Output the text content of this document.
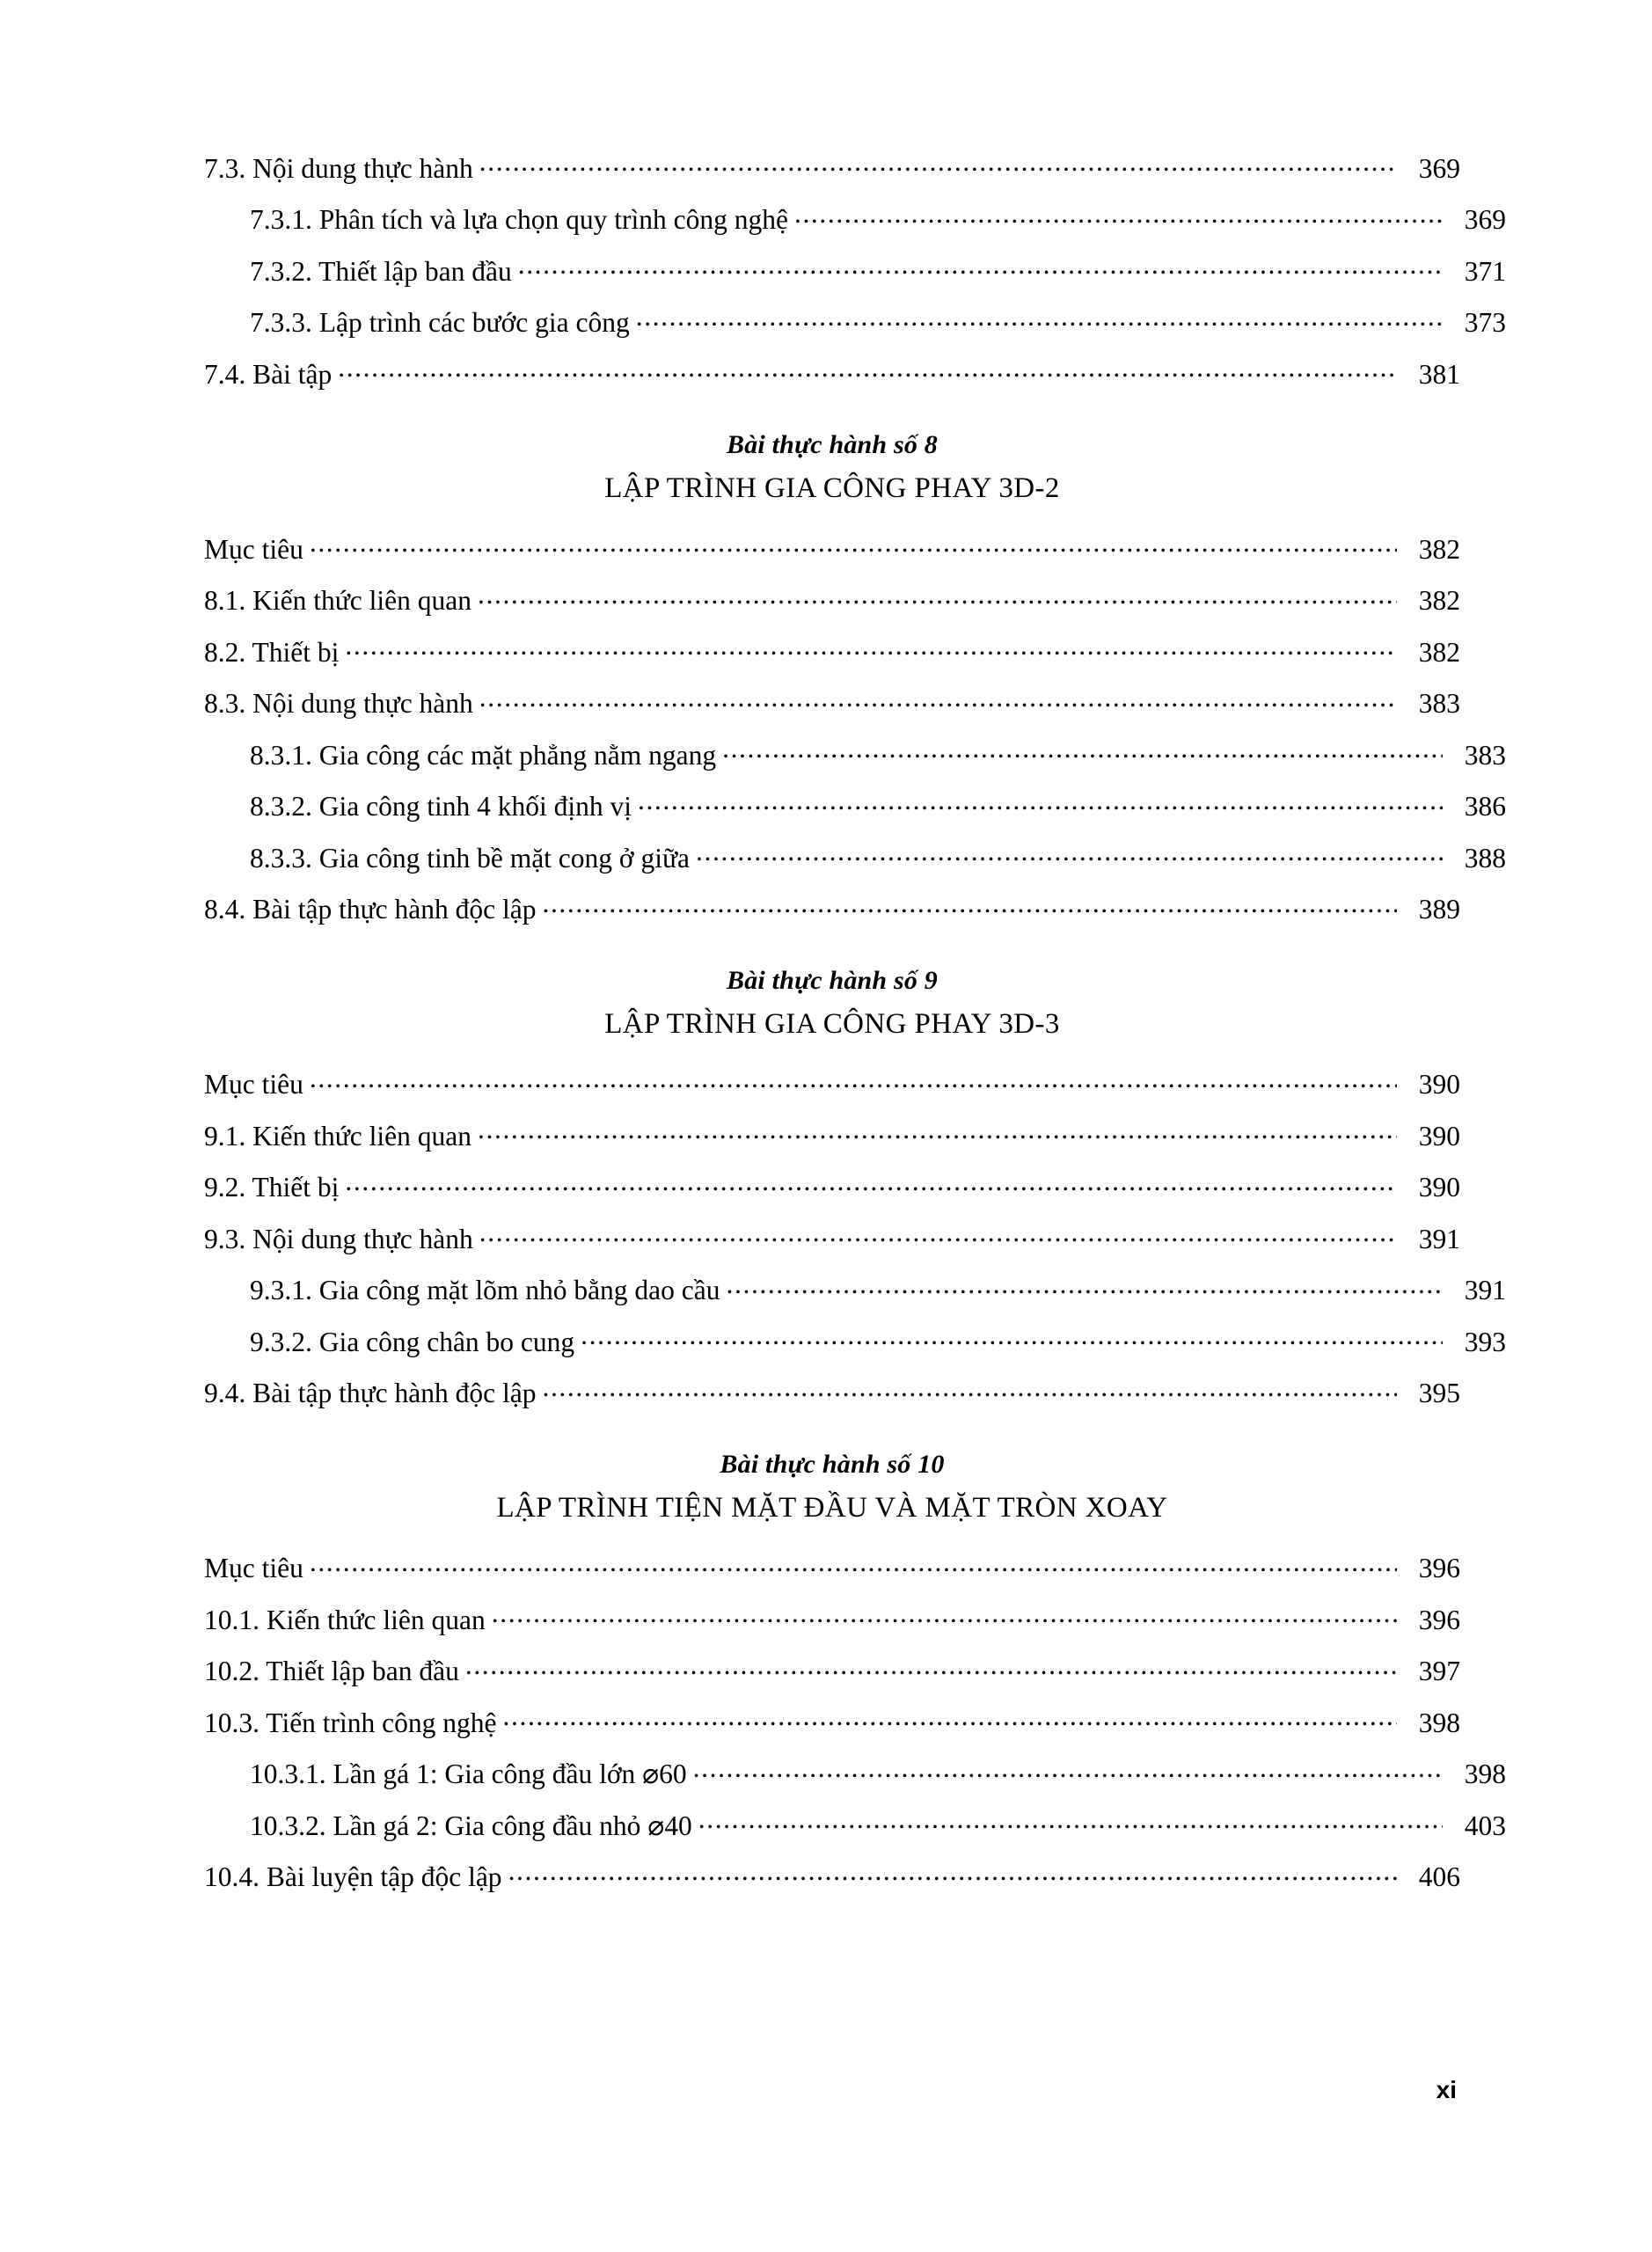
7.3. Nội dung thực hành .....	369
7.3.1. Phân tích và lựa chọn quy trình công nghệ .....	369
7.3.2. Thiết lập ban đầu .....	371
7.3.3. Lập trình các bước gia công .....	373
7.4. Bài tập .....	381
Bài thực hành số 8
LẬP TRÌNH GIA CÔNG PHAY 3D-2
Mục tiêu .....	382
8.1. Kiến thức liên quan .....	382
8.2. Thiết bị .....	382
8.3. Nội dung thực hành .....	383
8.3.1. Gia công các mặt phẳng nằm ngang .....	383
8.3.2. Gia công tinh 4 khối định vị .....	386
8.3.3. Gia công tinh bề mặt cong ở giữa .....	388
8.4. Bài tập thực hành độc lập .....	389
Bài thực hành số 9
LẬP TRÌNH GIA CÔNG PHAY 3D-3
Mục tiêu .....	390
9.1. Kiến thức liên quan .....	390
9.2. Thiết bị .....	390
9.3. Nội dung thực hành .....	391
9.3.1. Gia công mặt lõm nhỏ bằng dao cầu .....	391
9.3.2. Gia công chân bo cung .....	393
9.4. Bài tập thực hành độc lập .....	395
Bài thực hành số 10
LẬP TRÌNH TIỆN MẶT ĐẦU VÀ MẶT TRÒN XOAY
Mục tiêu .....	396
10.1. Kiến thức liên quan .....	396
10.2. Thiết lập ban đầu .....	397
10.3. Tiến trình công nghệ .....	398
10.3.1. Lần gá 1: Gia công đầu lớn ⌀60 .....	398
10.3.2. Lần gá 2: Gia công đầu nhỏ ⌀40 .....	403
10.4. Bài luyện tập độc lập .....	406
xi
